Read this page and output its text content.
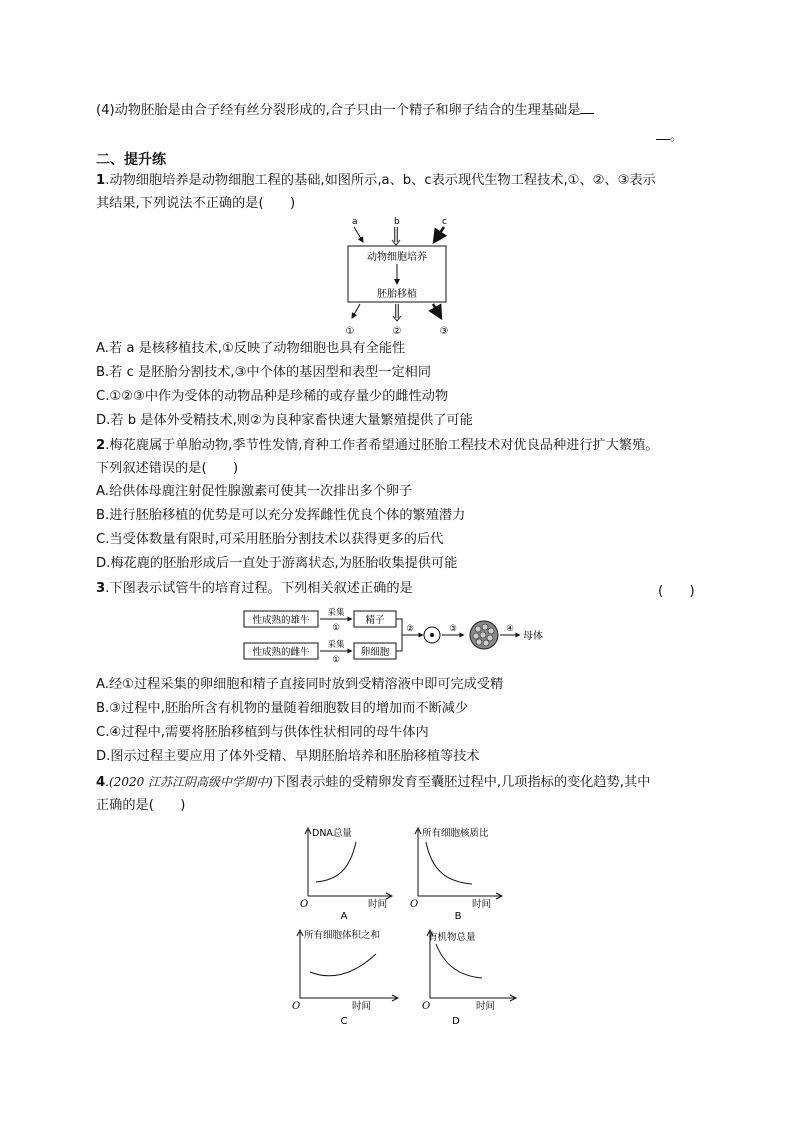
(4)动物胚胎是由合子经有丝分裂形成的,合子只由一个精子和卵子结合的生理基础是
。
二、提升练
1.动物细胞培养是动物细胞工程的基础,如图所示,a、b、c表示现代生物工程技术,①、②、③表示
其结果,下列说法不正确的是(　　)
a	b	c
动物细胞培养
胚胎移植
①	②	③
A.若 a 是核移植技术,①反映了动物细胞也具有全能性
B.若 c 是胚胎分割技术,③中个体的基因型和表型一定相同
C.①②③中作为受体的动物品种是珍稀的或存量少的雌性动物
D.若 b 是体外受精技术,则②为良种家畜快速大量繁殖提供了可能
2.梅花鹿属于单胎动物,季节性发情,育种工作者希望通过胚胎工程技术对优良品种进行扩大繁殖。
下列叙述错误的是(　　)
A.给供体母鹿注射促性腺激素可使其一次排出多个卵子
B.进行胚胎移植的优势是可以充分发挥雌性优良个体的繁殖潜力
C.当受体数量有限时,可采用胚胎分割技术以获得更多的后代
D.梅花鹿的胚胎形成后一直处于游离状态,为胚胎收集提供可能
3.下图表示试管牛的培育过程。下列相关叙述正确的是	(　　)
性成熟的雄牛
性成熟的雌牛
采集
①
采集
①
精子
卵细胞
②	③	④
母体
A.经①过程采集的卵细胞和精子直接同时放到受精溶液中即可完成受精
B.③过程中,胚胎所含有机物的量随着细胞数目的增加而不断减少
C.④过程中,需要将胚胎移植到与供体性状相同的母牛体内
D.图示过程主要应用了体外受精、早期胚胎培养和胚胎移植等技术
4.(2020 江苏江阴高级中学期中)下图表示蛙的受精卵发育至囊胚过程中,几项指标的变化趋势,其中
正确的是(　　)
DNA总量
时间
O
A
所有细胞核质比
时间
O
B
所有细胞体积之和
时间
O
C
有机物总量
时间
O
D
